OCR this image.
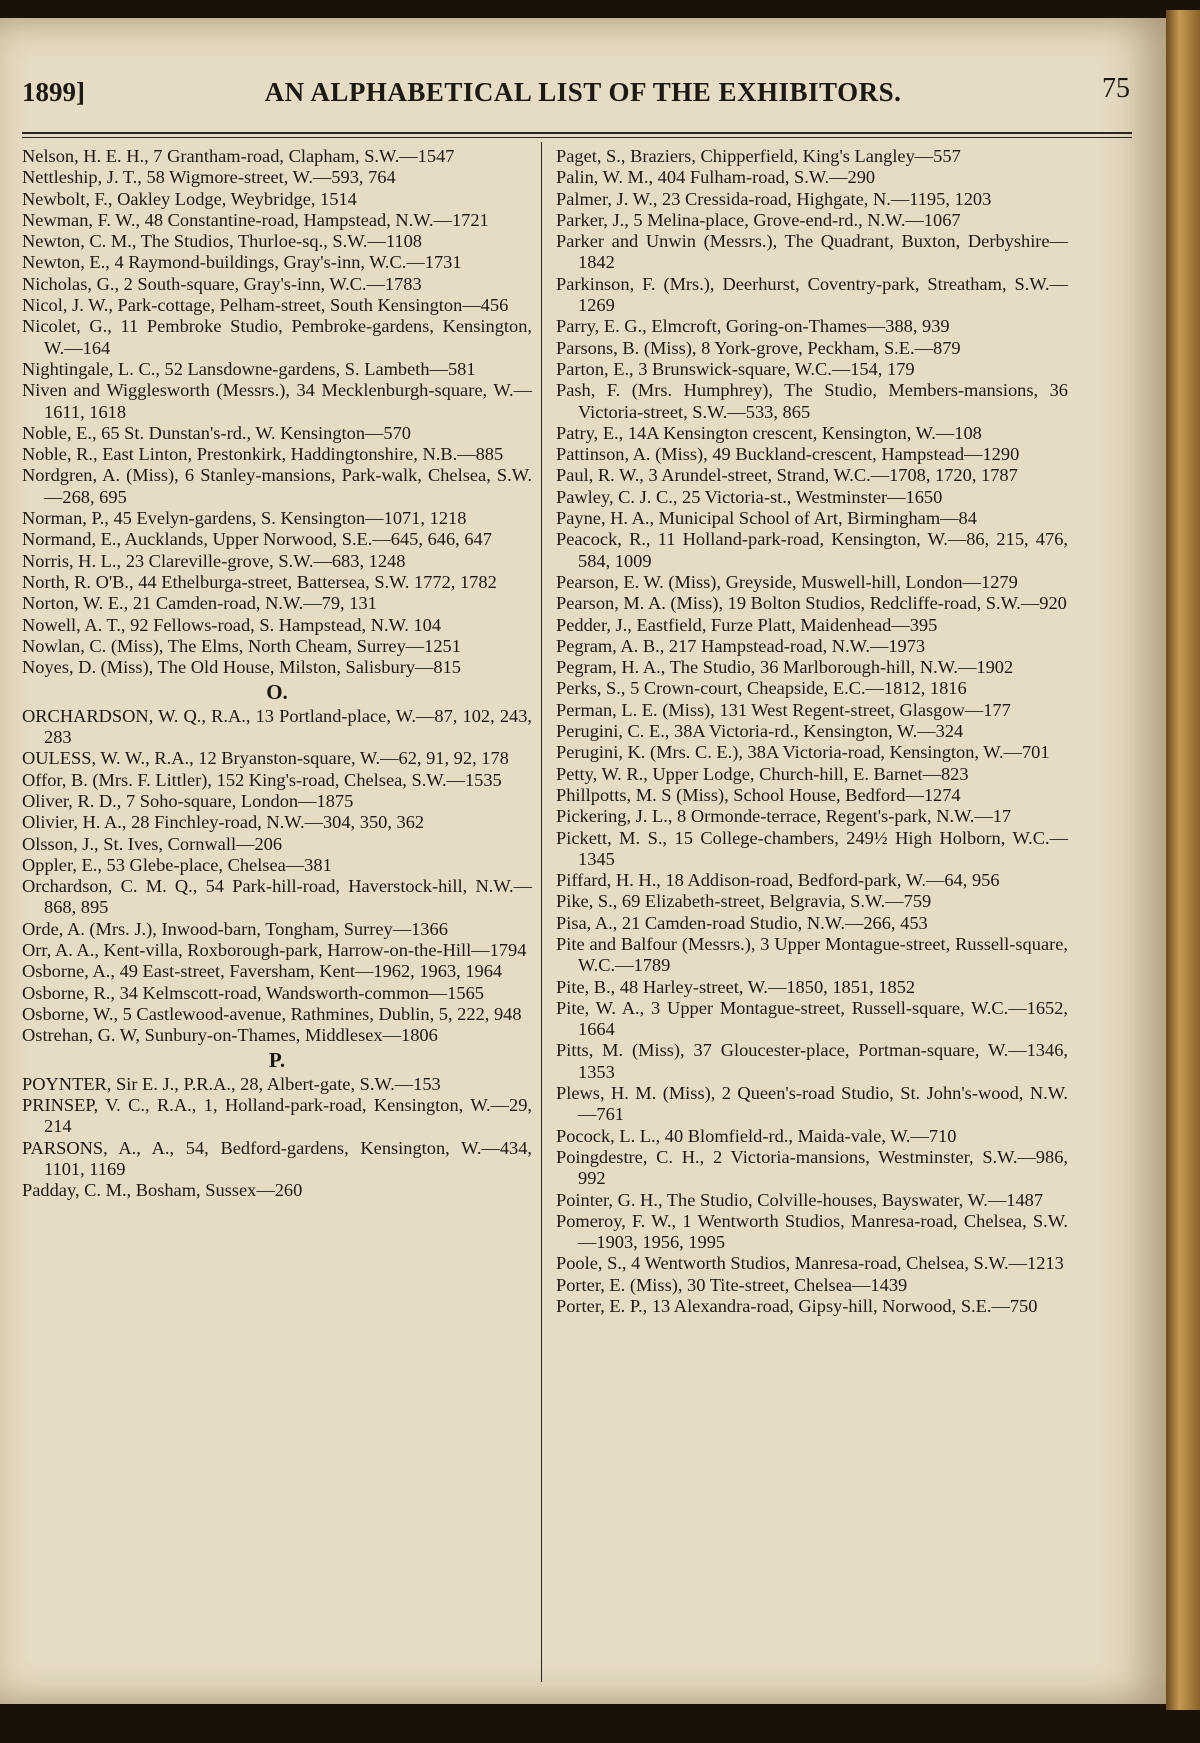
1899]	AN ALPHABETICAL LIST OF THE EXHIBITORS.	75

Nelson, H. E. H., 7 Grantham-road, Clapham, S.W.—1547

Nettleship, J. T., 58 Wigmore-street, W.—593, 764

Newbolt, F., Oakley Lodge, Weybridge, 1514

Newman, F. W., 48 Constantine-road, Hampstead, N.W.—1721

Newton, C. M., The Studios, Thurloe-sq., S.W.—1108

Newton, E., 4 Raymond-buildings, Gray's-inn, W.C.—1731

Nicholas, G., 2 South-square, Gray's-inn, W.C.—1783

Nicol, J. W., Park-cottage, Pelham-street, South Kensington—456

Nicolet, G., 11 Pembroke Studio, Pembroke-gardens, Kensington, W.—164

Nightingale, L. C., 52 Lansdowne-gardens, S. Lambeth—581

Niven and Wigglesworth (Messrs.), 34 Mecklenburgh-square, W.—1611, 1618

Noble, E., 65 St. Dunstan's-rd., W. Kensington—570

Noble, R., East Linton, Prestonkirk, Haddingtonshire, N.B.—885

Nordgren, A. (Miss), 6 Stanley-mansions, Park-walk, Chelsea, S.W.—268, 695

Norman, P., 45 Evelyn-gardens, S. Kensington—1071, 1218

Normand, E., Aucklands, Upper Norwood, S.E.—645, 646, 647

Norris, H. L., 23 Clareville-grove, S.W.—683, 1248

North, R. O'B., 44 Ethelburga-street, Battersea, S.W. 1772, 1782

Norton, W. E., 21 Camden-road, N.W.—79, 131

Nowell, A. T., 92 Fellows-road, S. Hampstead, N.W. 104

Nowlan, C. (Miss), The Elms, North Cheam, Surrey—1251

Noyes, D. (Miss), The Old House, Milston, Salisbury—815

O.

ORCHARDSON, W. Q., R.A., 13 Portland-place, W.—87, 102, 243, 283

OULESS, W. W., R.A., 12 Bryanston-square, W.—62, 91, 92, 178

Offor, B. (Mrs. F. Littler), 152 King's-road, Chelsea, S.W.—1535

Oliver, R. D., 7 Soho-square, London—1875

Olivier, H. A., 28 Finchley-road, N.W.—304, 350, 362

Olsson, J., St. Ives, Cornwall—206

Oppler, E., 53 Glebe-place, Chelsea—381

Orchardson, C. M. Q., 54 Park-hill-road, Haverstock-hill, N.W.—868, 895

Orde, A. (Mrs. J.), Inwood-barn, Tongham, Surrey—1366

Orr, A. A., Kent-villa, Roxborough-park, Harrow-on-the-Hill—1794

Osborne, A., 49 East-street, Faversham, Kent—1962, 1963, 1964

Osborne, R., 34 Kelmscott-road, Wandsworth-common—1565

Osborne, W., 5 Castlewood-avenue, Rathmines, Dublin, 5, 222, 948

Ostrehan, G. W, Sunbury-on-Thames, Middlesex—1806

P.

POYNTER, Sir E. J., P.R.A., 28, Albert-gate, S.W.—153

PRINSEP, V. C., R.A., 1, Holland-park-road, Kensington, W.—29, 214

PARSONS, A., A., 54, Bedford-gardens, Kensington, W.—434, 1101, 1169

Padday, C. M., Bosham, Sussex—260

Paget, S., Braziers, Chipperfield, King's Langley—557

Palin, W. M., 404 Fulham-road, S.W.—290

Palmer, J. W., 23 Cressida-road, Highgate, N.—1195, 1203

Parker, J., 5 Melina-place, Grove-end-rd., N.W.—1067

Parker and Unwin (Messrs.), The Quadrant, Buxton, Derbyshire—1842

Parkinson, F. (Mrs.), Deerhurst, Coventry-park, Streatham, S.W.—1269

Parry, E. G., Elmcroft, Goring-on-Thames—388, 939

Parsons, B. (Miss), 8 York-grove, Peckham, S.E.—879

Parton, E., 3 Brunswick-square, W.C.—154, 179

Pash, F. (Mrs. Humphrey), The Studio, Members-mansions, 36 Victoria-street, S.W.—533, 865

Patry, E., 14A Kensington crescent, Kensington, W.—108

Pattinson, A. (Miss), 49 Buckland-crescent, Hampstead—1290

Paul, R. W., 3 Arundel-street, Strand, W.C.—1708, 1720, 1787

Pawley, C. J. C., 25 Victoria-st., Westminster—1650

Payne, H. A., Municipal School of Art, Birmingham—84

Peacock, R., 11 Holland-park-road, Kensington, W.—86, 215, 476, 584, 1009

Pearson, E. W. (Miss), Greyside, Muswell-hill, London—1279

Pearson, M. A. (Miss), 19 Bolton Studios, Redcliffe-road, S.W.—920

Pedder, J., Eastfield, Furze Platt, Maidenhead—395

Pegram, A. B., 217 Hampstead-road, N.W.—1973

Pegram, H. A., The Studio, 36 Marlborough-hill, N.W.—1902

Perks, S., 5 Crown-court, Cheapside, E.C.—1812, 1816

Perman, L. E. (Miss), 131 West Regent-street, Glasgow—177

Perugini, C. E., 38A Victoria-rd., Kensington, W.—324

Perugini, K. (Mrs. C. E.), 38A Victoria-road, Kensington, W.—701

Petty, W. R., Upper Lodge, Church-hill, E. Barnet—823

Phillpotts, M. S (Miss), School House, Bedford—1274

Pickering, J. L., 8 Ormonde-terrace, Regent's-park, N.W.—17

Pickett, M. S., 15 College-chambers, 249½ High Holborn, W.C.—1345

Piffard, H. H., 18 Addison-road, Bedford-park, W.—64, 956

Pike, S., 69 Elizabeth-street, Belgravia, S.W.—759

Pisa, A., 21 Camden-road Studio, N.W.—266, 453

Pite and Balfour (Messrs.), 3 Upper Montague-street, Russell-square, W.C.—1789

Pite, B., 48 Harley-street, W.—1850, 1851, 1852

Pite, W. A., 3 Upper Montague-street, Russell-square, W.C.—1652, 1664

Pitts, M. (Miss), 37 Gloucester-place, Portman-square, W.—1346, 1353

Plews, H. M. (Miss), 2 Queen's-road Studio, St. John's-wood, N.W.—761

Pocock, L. L., 40 Blomfield-rd., Maida-vale, W.—710

Poingdestre, C. H., 2 Victoria-mansions, Westminster, S.W.—986, 992

Pointer, G. H., The Studio, Colville-houses, Bayswater, W.—1487

Pomeroy, F. W., 1 Wentworth Studios, Manresa-road, Chelsea, S.W.—1903, 1956, 1995

Poole, S., 4 Wentworth Studios, Manresa-road, Chelsea, S.W.—1213

Porter, E. (Miss), 30 Tite-street, Chelsea—1439

Porter, E. P., 13 Alexandra-road, Gipsy-hill, Norwood, S.E.—750
